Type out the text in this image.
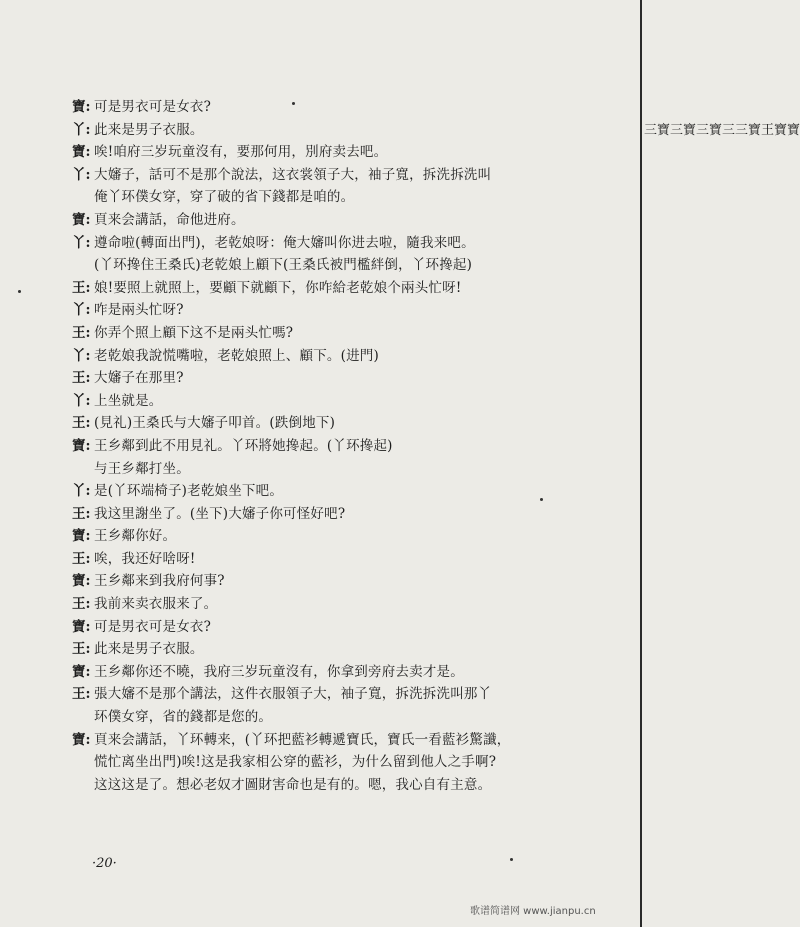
寶: 可是男衣可是女衣?
丫: 此来是男子衣服。
寶: 唉!咱府三岁玩童沒有，要那何用，別府卖去吧。
丫: 大嬸子，話可不是那个說法，这衣裳領子大，袖子寬，拆洗拆洗叫
俺丫环僕女穿，穿了破的省下錢都是咱的。
寶: 頁来会講話，命他进府。
丫: 遵命啦(轉面出門)，老乾娘呀：俺大嬸叫你进去啦，隨我来吧。
(丫环搀住王桑氏)老乾娘上顧下(王桑氏被門檻絆倒，丫环搀起)
王: 娘!要照上就照上，要顧下就顧下，你咋給老乾娘个兩头忙呀!
丫: 咋是兩头忙呀?
王: 你弄个照上顧下这不是兩头忙嗎?
丫: 老乾娘我說慌嘴啦，老乾娘照上、顧下。(进門)
王: 大嬸子在那里?
丫: 上坐就是。
王: (見礼)王桑氏与大嬸子叩首。(跌倒地下)
寶: 王乡鄰到此不用見礼。丫环將她搀起。(丫环搀起)
与王乡鄰打坐。
丫: 是(丫环端椅子)老乾娘坐下吧。
王: 我这里謝坐了。(坐下)大嬸子你可怪好吧?
寶: 王乡鄰你好。
王: 唉，我还好啥呀!
寶: 王乡鄰来到我府何事?
王: 我前来卖衣服来了。
寶: 可是男衣可是女衣?
王: 此来是男子衣服。
寶: 王乡鄰你还不曉，我府三岁玩童沒有，你拿到旁府去卖才是。
王: 張大嬸不是那个講法，这件衣服領子大，袖子寬，拆洗拆洗叫那丫
环僕女穿，省的錢都是您的。
寶: 頁来会講話，丫环轉来，(丫环把藍衫轉遞寶氏，寶氏一看藍衫驚讖，
慌忙离坐出門)唉!这是我家相公穿的藍衫，为什么留到他人之手啊?
这这这是了。想必老奴才圖財害命也是有的。嗯，我心自有主意。
三寶三寶三寶三三寶王寶寶
·20·
歌谱简谱网 www.jianpu.cn
